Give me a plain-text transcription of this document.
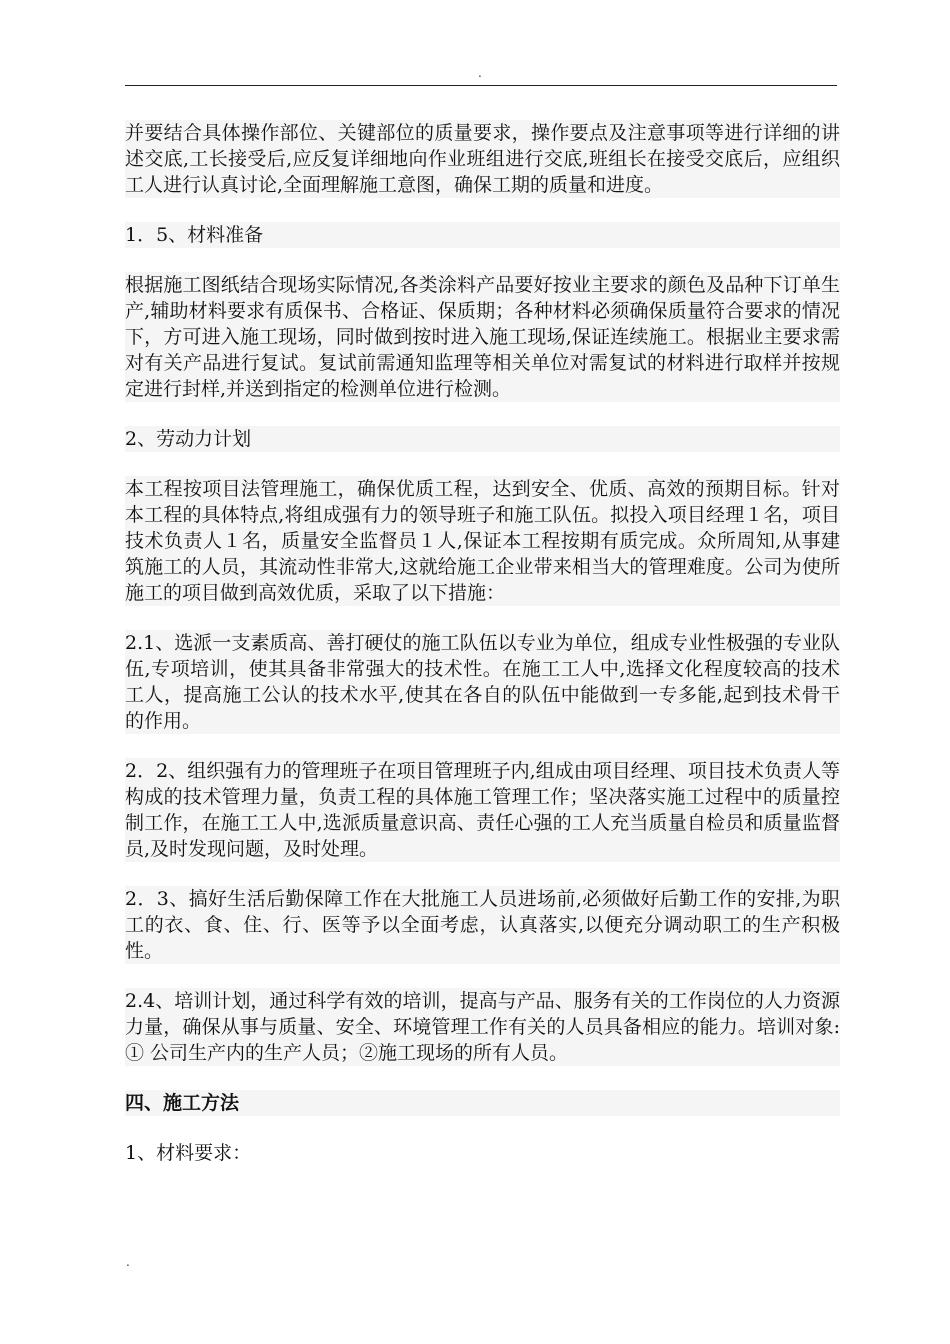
.

并要结合具体操作部位、关键部位的质量要求，操作要点及注意事项等进行详细的讲述交底,工长接受后,应反复详细地向作业班组进行交底,班组长在接受交底后，应组织工人进行认真讨论,全面理解施工意图，确保工期的质量和进度。

1．5、材料准备

根据施工图纸结合现场实际情况,各类涂料产品要好按业主要求的颜色及品种下订单生产,辅助材料要求有质保书、合格证、保质期；各种材料必须确保质量符合要求的情况下，方可进入施工现场，同时做到按时进入施工现场,保证连续施工。根据业主要求需对有关产品进行复试。复试前需通知监理等相关单位对需复试的材料进行取样并按规定进行封样,并送到指定的检测单位进行检测。

2、劳动力计划

本工程按项目法管理施工，确保优质工程，达到安全、优质、高效的预期目标。针对本工程的具体特点,将组成强有力的领导班子和施工队伍。拟投入项目经理１名，项目技术负责人１名，质量安全监督员１人,保证本工程按期有质完成。众所周知,从事建筑施工的人员，其流动性非常大,这就给施工企业带来相当大的管理难度。公司为使所施工的项目做到高效优质，采取了以下措施：

2.1、选派一支素质高、善打硬仗的施工队伍以专业为单位，组成专业性极强的专业队伍,专项培训，使其具备非常强大的技术性。在施工工人中,选择文化程度较高的技术工人，提高施工公认的技术水平,使其在各自的队伍中能做到一专多能,起到技术骨干的作用。

2．2、组织强有力的管理班子在项目管理班子内,组成由项目经理、项目技术负责人等构成的技术管理力量，负责工程的具体施工管理工作；坚决落实施工过程中的质量控制工作，在施工工人中,选派质量意识高、责任心强的工人充当质量自检员和质量监督员,及时发现问题，及时处理。

2．3、搞好生活后勤保障工作在大批施工人员进场前,必须做好后勤工作的安排,为职工的衣、食、住、行、医等予以全面考虑，认真落实,以便充分调动职工的生产积极性。

2.4、培训计划，通过科学有效的培训，提高与产品、服务有关的工作岗位的人力资源力量，确保从事与质量、安全、环境管理工作有关的人员具备相应的能力。培训对象:① 公司生产内的生产人员；②施工现场的所有人员。

四、施工方法

1、材料要求：

.
